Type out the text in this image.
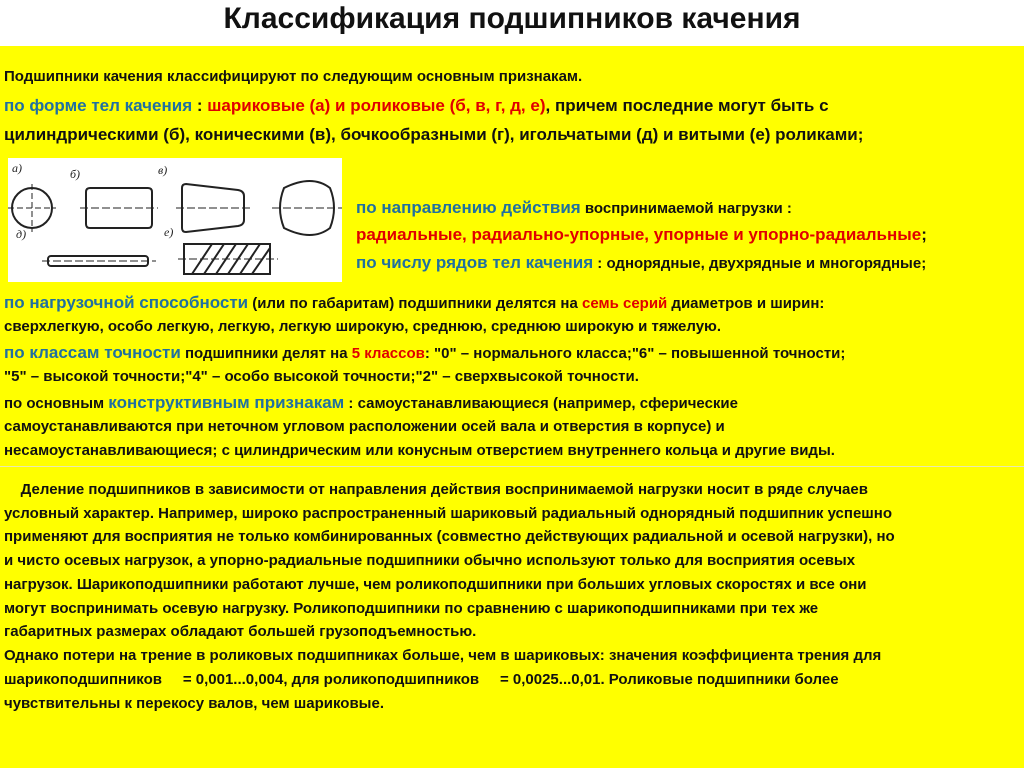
Классификация подшипников качения
Подшипники качения классифицируют по следующим основным признакам.
по форме тел качения : шариковые (а) и роликовые (б, в, г, д, е), причем последние могут быть с
цилиндрическими (б), коническими (в), бочкообразными (г), игольчатыми (д) и витыми (е) роликами;
а)	б)	в)
д)	е)
по направлению действия воспринимаемой нагрузки :
радиальные, радиально-упорные, упорные и упорно-радиальные;
по числу рядов тел качения : однорядные, двухрядные и многорядные;
по нагрузочной способности (или по габаритам) подшипники делятся на семь серий диаметров и ширин:
сверхлегкую, особо легкую, легкую, легкую широкую, среднюю, среднюю широкую и тяжелую.
по классам точности подшипники делят на 5 классов: "0" – нормального класса;"6" – повышенной точности;
"5" – высокой точности;"4" – особо высокой точности;"2" – сверхвысокой точности.
по основным конструктивным признакам : самоустанавливающиеся (например, сферические
самоустанавливаются при неточном угловом расположении осей вала и отверстия в корпусе) и
несамоустанавливающиеся; с цилиндрическим или конусным отверстием внутреннего кольца и другие виды.
Деление подшипников в зависимости от направления действия воспринимаемой нагрузки носит в ряде случаев
условный характер. Например, широко распространенный шариковый радиальный однорядный подшипник успешно
применяют для восприятия не только комбинированных (совместно действующих радиальной и осевой нагрузки), но
и чисто осевых нагрузок, а упорно-радиальные подшипники обычно используют только для восприятия осевых
нагрузок. Шарикоподшипники работают лучше, чем роликоподшипники при больших угловых скоростях и все они
могут воспринимать осевую нагрузку. Роликоподшипники по сравнению с шарикоподшипниками при тех же
габаритных размерах обладают большей грузоподъемностью.
Однако потери на трение в роликовых подшипниках больше, чем в шариковых: значения коэффициента трения для
шарикоподшипников     = 0,001...0,004, для роликоподшипников     = 0,0025...0,01. Роликовые подшипники более
чувствительны к перекосу валов, чем шариковые.
